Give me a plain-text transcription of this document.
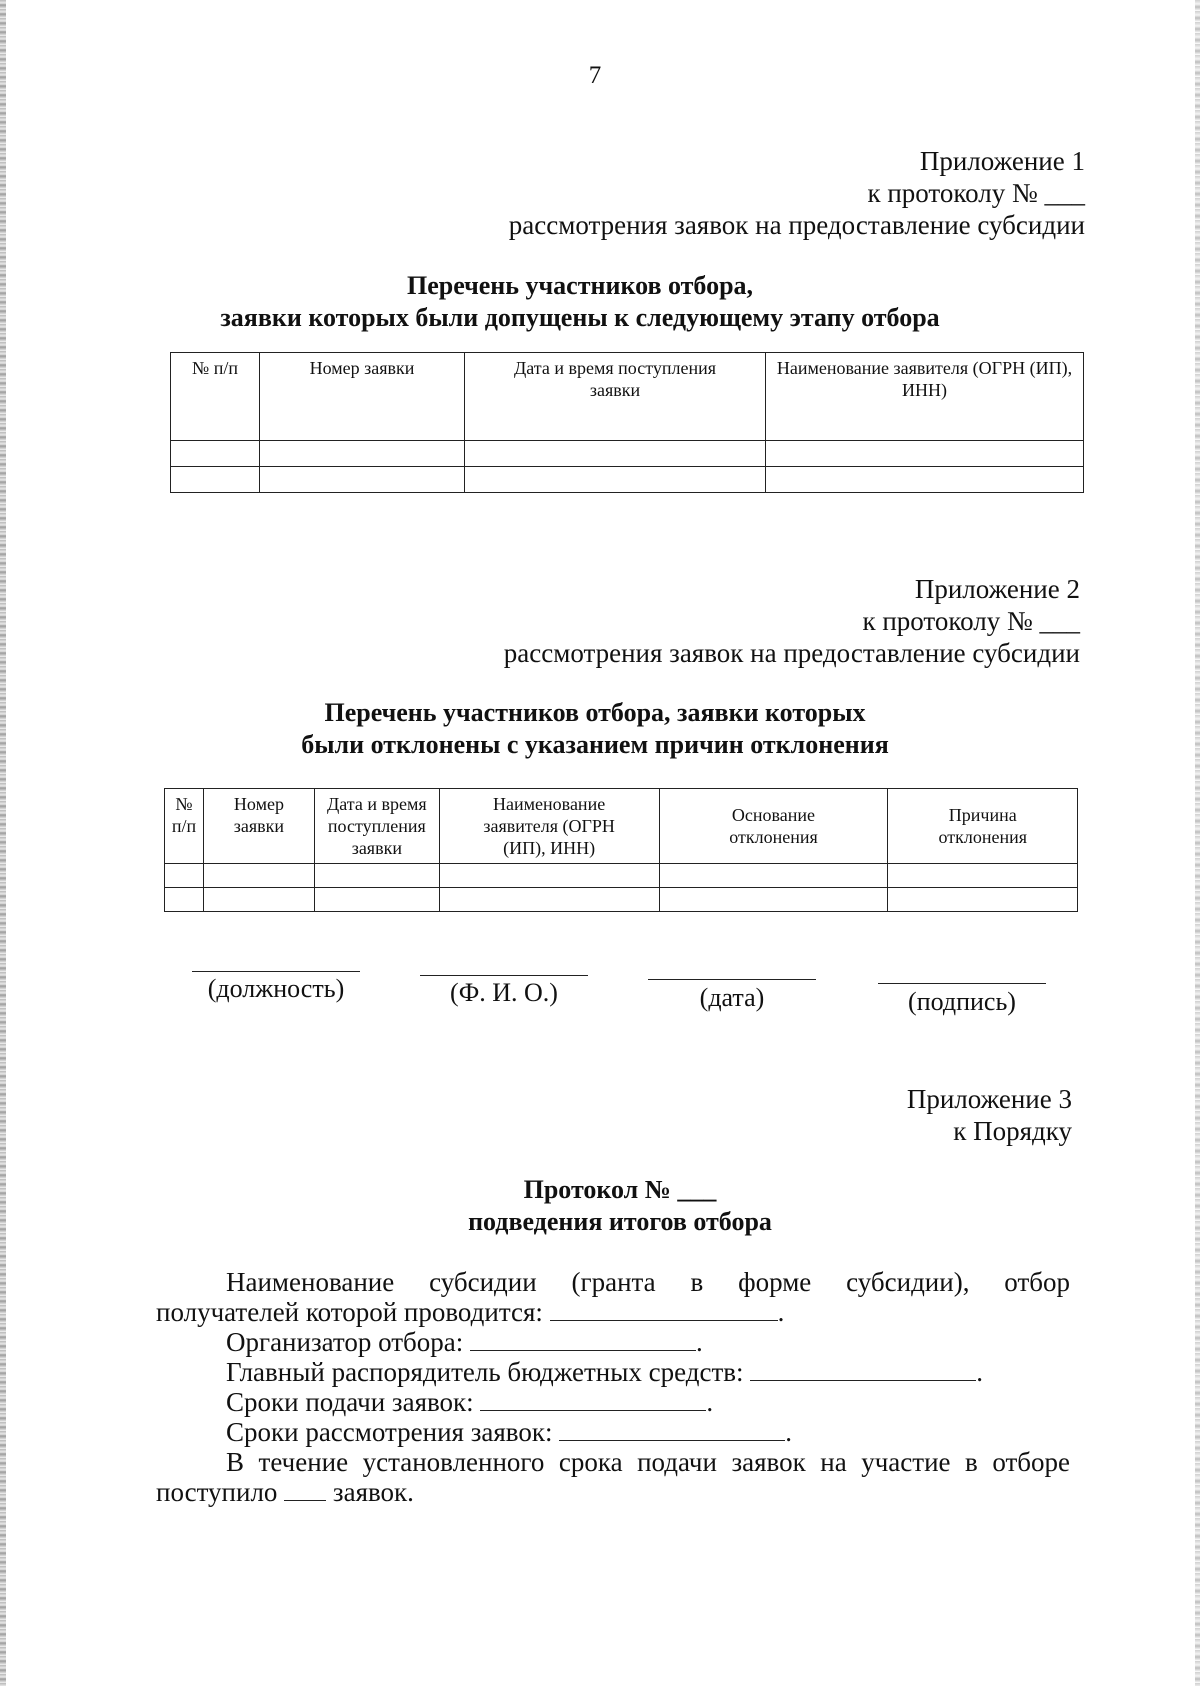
7
Приложение 1
к протоколу № ___
рассмотрения заявок на предоставление субсидии
Перечень участников отбора,
заявки которых были допущены к следующему этапу отбора
№ п/п	Номер заявки	Дата и время поступления заявки	Наименование заявителя (ОГРН (ИП), ИНН)

Приложение 2
к протоколу № ___
рассмотрения заявок на предоставление субсидии
Перечень участников отбора, заявки которых
были отклонены с указанием причин отклонения
№ п/п	Номер заявки	Дата и время поступления заявки	Наименование заявителя (ОГРН (ИП), ИНН)	Основание отклонения	Причина отклонения

(должность)	(Ф. И. О.)	(дата)	(подпись)
Приложение 3
к Порядку
Протокол № ___
подведения итогов отбора
Наименование субсидии (гранта в форме субсидии), отбор
получателей которой проводится:	.
Организатор отбора:	.
Главный распорядитель бюджетных средств:	.
Сроки подачи заявок:	.
Сроки рассмотрения заявок:	.
В течение установленного срока подачи заявок на участие в отборе
поступило заявок.
